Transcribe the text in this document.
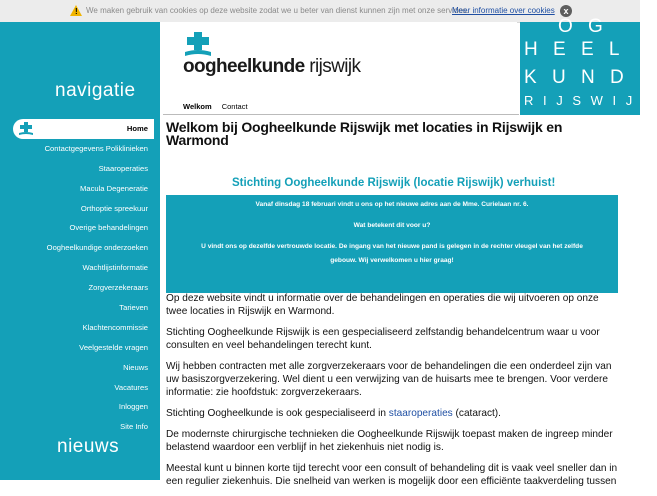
! We maken gebruik van cookies op deze website zodat we u beter van dienst kunnen zijn met onze services.
Meer informatie over cookies x
navigatie
Home
Contactgegevens Poliklinieken
Staaroperaties
Macula Degeneratie
Orthoptie spreekuur
Overige behandelingen
Oogheelkundige onderzoeken
Wachtlijstinformatie
Zorgverzekeraars
Tarieven
Klachtencommissie
Veelgestelde vragen
Nieuws
Vacatures
Inloggen
Site Info
nieuws
oogheelkunde rijswijk
Welkom Contact
O G
H E E L
K U N D E
R I J S W I J K
Welkom bij Oogheelkunde Rijswijk met locaties in Rijswijk en Warmond
Stichting Oogheelkunde Rijswijk (locatie Rijswijk) verhuist!

Vanaf dinsdag 18 februari vindt u ons op het nieuwe adres aan de Mme. Curielaan nr. 6.

Wat betekent dit voor u?

U vindt ons op dezelfde vertrouwde locatie. De ingang van het nieuwe pand is gelegen in de rechter vleugel van het zelfde

gebouw. Wij verwelkomen u hier graag!

Op deze website vindt u informatie over de behandelingen en operaties die wij uitvoeren op onze twee locaties in Rijswijk en Warmond.

Stichting Oogheelkunde Rijswijk is een gespecialiseerd zelfstandig behandelcentrum waar u voor consulten en veel behandelingen terecht kunt.

Wij hebben contracten met alle zorgverzekeraars voor de behandelingen die een onderdeel zijn van uw basiszorgverzekering. Wel dient u een verwijzing van de huisarts mee te brengen. Voor verdere informatie: zie hoofdstuk: zorgverzekeraars.

Stichting Oogheelkunde is ook gespecialiseerd in staaroperaties (cataract).

De modernste chirurgische technieken die Oogheelkunde Rijswijk toepast maken de ingreep minder belastend waardoor een verblijf in het ziekenhuis niet nodig is.

Meestal kunt u binnen korte tijd terecht voor een consult of behandeling dit is vaak veel sneller dan in een regulier ziekenhuis. Die snelheid van werken is mogelijk door een efficiënte taakverdeling tussen
